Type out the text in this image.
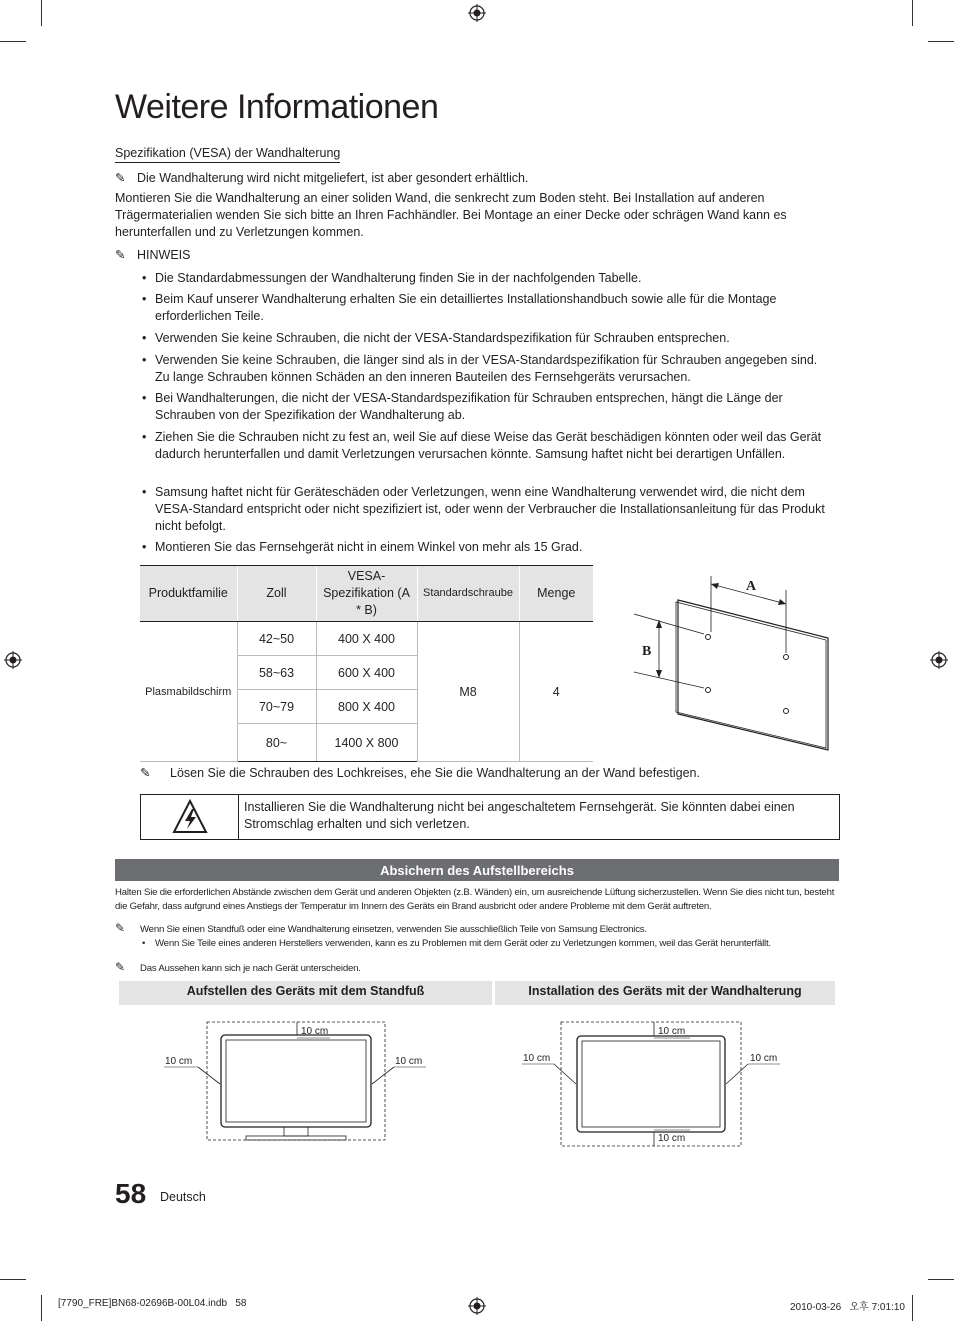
Weitere Informationen
Spezifikation (VESA) der Wandhalterung
✎ Die Wandhalterung wird nicht mitgeliefert, ist aber gesondert erhältlich.
Montieren Sie die Wandhalterung an einer soliden Wand, die senkrecht zum Boden steht. Bei Installation auf anderen Trägermaterialien wenden Sie sich bitte an Ihren Fachhändler. Bei Montage an einer Decke oder schrägen Wand kann es herunterfallen und zu Verletzungen kommen.
✎ HINWEIS
• Die Standardabmessungen der Wandhalterung finden Sie in der nachfolgenden Tabelle.
• Beim Kauf unserer Wandhalterung erhalten Sie ein detailliertes Installationshandbuch sowie alle für die Montage erforderlichen Teile.
• Verwenden Sie keine Schrauben, die nicht der VESA-Standardspezifikation für Schrauben entsprechen.
• Verwenden Sie keine Schrauben, die länger sind als in der VESA-Standardspezifikation für Schrauben angegeben sind. Zu lange Schrauben können Schäden an den inneren Bauteilen des Fernsehgeräts verursachen.
• Bei Wandhalterungen, die nicht der VESA-Standardspezifikation für Schrauben entsprechen, hängt die Länge der Schrauben von der Spezifikation der Wandhalterung ab.
• Ziehen Sie die Schrauben nicht zu fest an, weil Sie auf diese Weise das Gerät beschädigen könnten oder weil das Gerät dadurch herunterfallen und damit Verletzungen verursachen könnte. Samsung haftet nicht bei derartigen Unfällen.
• Samsung haftet nicht für Geräteschäden oder Verletzungen, wenn eine Wandhalterung verwendet wird, die nicht dem VESA-Standard entspricht oder nicht spezifiziert ist, oder wenn der Verbraucher die Installationsanleitung für das Produkt nicht befolgt.
• Montieren Sie das Fernsehgerät nicht in einem Winkel von mehr als 15 Grad.
Produktfamilie	Zoll	VESA-Spezifikation (A * B)	Standardschraube	Menge
Plasmabildschirm	42~50	400 X 400	M8	4
	58~63	600 X 400		
	70~79	800 X 400		
	80~	1400 X 800		
A
B
✎ Lösen Sie die Schrauben des Lochkreises, ehe Sie die Wandhalterung an der Wand befestigen.
Installieren Sie die Wandhalterung nicht bei angeschaltetem Fernsehgerät. Sie könnten dabei einen Stromschlag erhalten und sich verletzen.
Absichern des Aufstellbereichs
Halten Sie die erforderlichen Abstände zwischen dem Gerät und anderen Objekten (z.B. Wänden) ein, um ausreichende Lüftung sicherzustellen. Wenn Sie dies nicht tun, besteht die Gefahr, dass aufgrund eines Anstiegs der Temperatur im Innern des Geräts ein Brand ausbricht oder andere Probleme mit dem Gerät auftreten.
✎ Wenn Sie einen Standfuß oder eine Wandhalterung einsetzen, verwenden Sie ausschließlich Teile von Samsung Electronics.
• Wenn Sie Teile eines anderen Herstellers verwenden, kann es zu Problemen mit dem Gerät oder zu Verletzungen kommen, weil das Gerät herunterfällt.
✎ Das Aussehen kann sich je nach Gerät unterscheiden.
Aufstellen des Geräts mit dem Standfuß	Installation des Geräts mit der Wandhalterung
10 cm
10 cm	10 cm
10 cm
10 cm
10 cm	10 cm
58 Deutsch
[7790_FRE]BN68-02696B-00L04.indb   58	2010-03-26   오후 7:01:10
